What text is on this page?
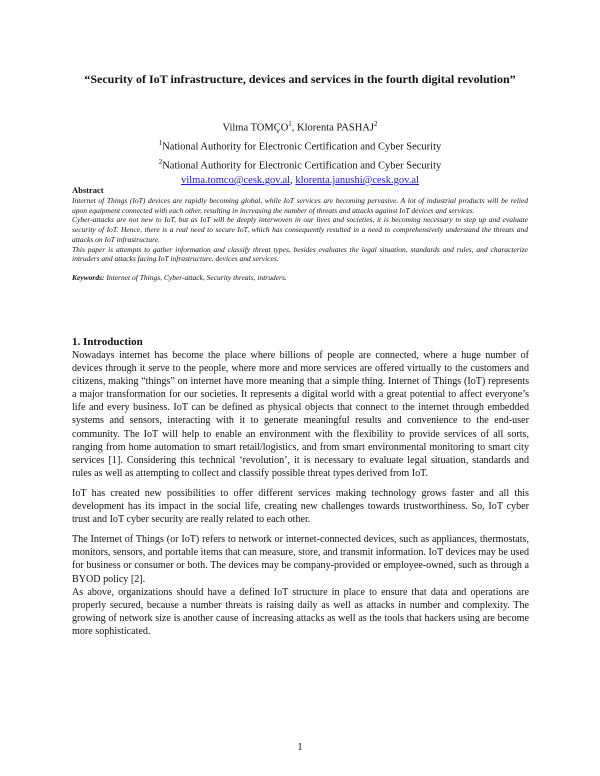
“Security of IoT infrastructure, devices and services in the fourth digital revolution”
Vilma TOMÇO$^1$, Klorenta PASHAJ$^2$
$^1$National Authority for Electronic Certification and Cyber Security
$^2$National Authority for Electronic Certification and Cyber Security
vilma.tomco@cesk.gov.al, klorenta.janushi@cesk.gov.al
Abstract

Internet of Things (IoT) devices are rapidly becoming global, while IoT services are becoming pervasive. A lot of industrial products will be relied upon equipment connected with each other, resulting in increasing the number of threats and attacks against IoT devices and services.

Cyber-attacks are not new to IoT, but as IoT will be deeply interwoven in our lives and societies, it is becoming necessary to step up and evaluate security of IoT. Hence, there is a real need to secure IoT, which has consequently resulted in a need to comprehensively understand the threats and attacks on IoT infrastructure.

This paper is attempts to gather information and classify threat types, besides evaluates the legal situation, standards and rules, and characterize intruders and attacks facing IoT infrastructure, devices and services.

Keywords: Internet of Things, Cyber-attack, Security threats, intruders.
1. Introduction

Nowadays internet has become the place where billions of people are connected, where a huge number of devices through it serve to the people, where more and more services are offered virtually to the customers and citizens, making “things” on internet have more meaning that a simple thing. Internet of Things (IoT) represents a major transformation for our societies. It represents a digital world with a great potential to affect everyone’s life and every business. IoT can be defined as physical objects that connect to the internet through embedded systems and sensors, interacting with it to generate meaningful results and convenience to the end-user community. The IoT will help to enable an environment with the flexibility to provide services of all sorts, ranging from home automation to smart retail/logistics, and from smart environmental monitoring to smart city services [1]. Considering this technical ‘revolution’, it is necessary to evaluate legal situation, standards and rules as well as attempting to collect and classify possible threat types derived from IoT.

IoT has created new possibilities to offer different services making technology grows faster and all this development has its impact in the social life, creating new challenges towards trustworthiness. So, IoT cyber trust and IoT cyber security are really related to each other.

The Internet of Things (or IoT) refers to network or internet-connected devices, such as appliances, thermostats, monitors, sensors, and portable items that can measure, store, and transmit information. IoT devices may be used for business or consumer or both. The devices may be company-provided or employee-owned, such as through a BYOD policy [2].

As above, organizations should have a defined IoT structure in place to ensure that data and operations are properly secured, because a number threats is raising daily as well as attacks in number and complexity. The growing of network size is another cause of increasing attacks as well as the tools that hackers using are become more sophisticated.

1
